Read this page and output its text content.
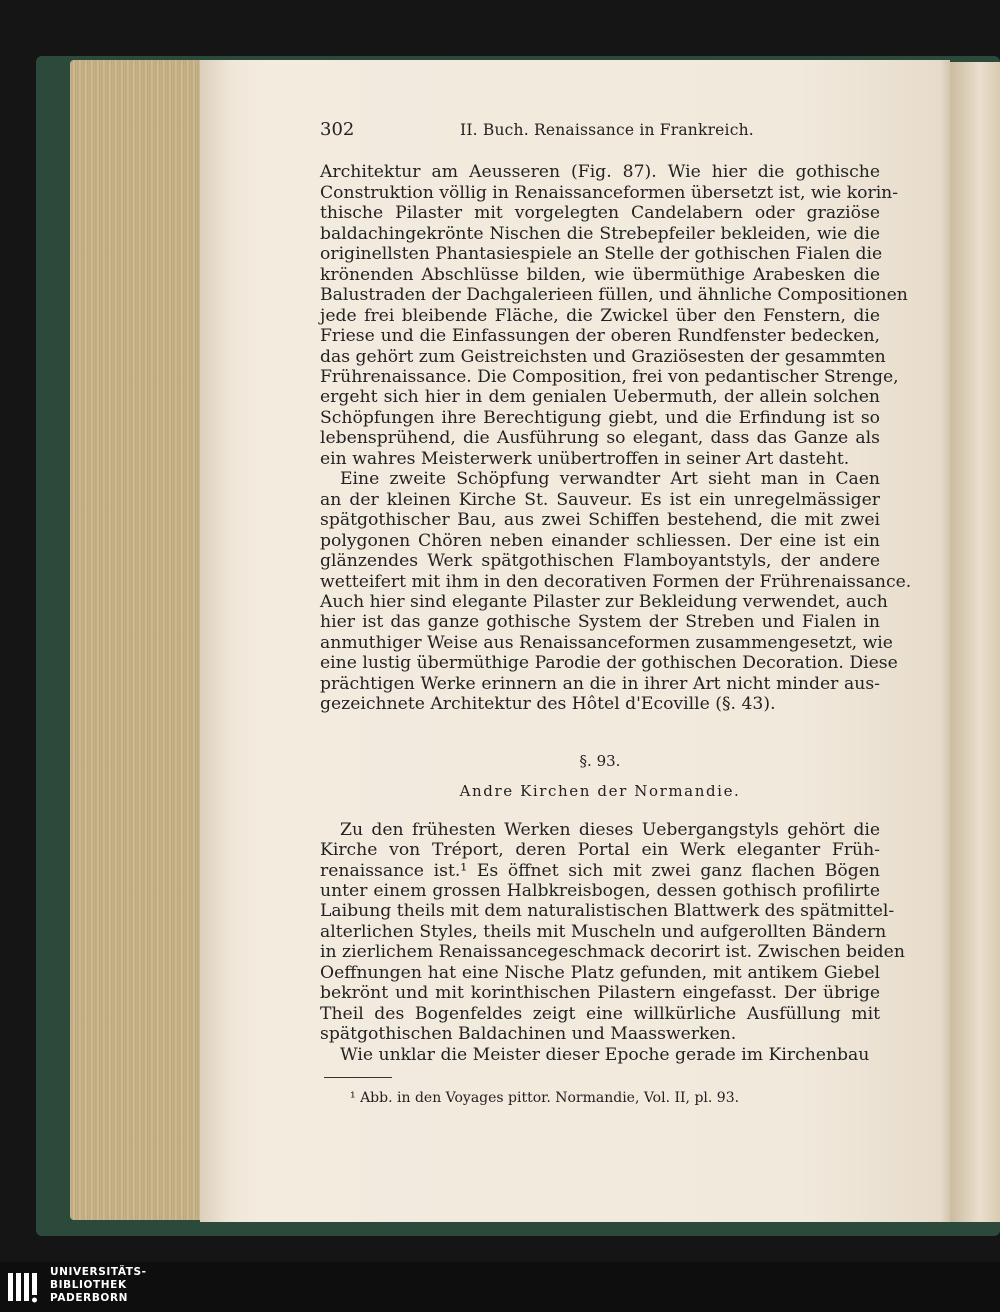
302	II. Buch. Renaissance in Frankreich.
Architektur am Aeusseren (Fig. 87). Wie hier die gothische
Construktion völlig in Renaissanceformen übersetzt ist, wie korin-
thische Pilaster mit vorgelegten Candelabern oder graziöse
baldachingekrönte Nischen die Strebepfeiler bekleiden, wie die
originellsten Phantasiespiele an Stelle der gothischen Fialen die
krönenden Abschlüsse bilden, wie übermüthige Arabesken die
Balustraden der Dachgalerieen füllen, und ähnliche Compositionen
jede frei bleibende Fläche, die Zwickel über den Fenstern, die
Friese und die Einfassungen der oberen Rundfenster bedecken,
das gehört zum Geistreichsten und Graziösesten der gesammten
Frührenaissance. Die Composition, frei von pedantischer Strenge,
ergeht sich hier in dem genialen Uebermuth, der allein solchen
Schöpfungen ihre Berechtigung giebt, und die Erfindung ist so
lebensprühend, die Ausführung so elegant, dass das Ganze als
ein wahres Meisterwerk unübertroffen in seiner Art dasteht.
Eine zweite Schöpfung verwandter Art sieht man in Caen
an der kleinen Kirche St. Sauveur. Es ist ein unregelmässiger
spätgothischer Bau, aus zwei Schiffen bestehend, die mit zwei
polygonen Chören neben einander schliessen. Der eine ist ein
glänzendes Werk spätgothischen Flamboyantstyls, der andere
wetteifert mit ihm in den decorativen Formen der Frührenaissance.
Auch hier sind elegante Pilaster zur Bekleidung verwendet, auch
hier ist das ganze gothische System der Streben und Fialen in
anmuthiger Weise aus Renaissanceformen zusammengesetzt, wie
eine lustig übermüthige Parodie der gothischen Decoration. Diese
prächtigen Werke erinnern an die in ihrer Art nicht minder aus-
gezeichnete Architektur des Hôtel d'Ecoville (§. 43).
§. 93.
Andre Kirchen der Normandie.
Zu den frühesten Werken dieses Uebergangstyls gehört die
Kirche von Tréport, deren Portal ein Werk eleganter Früh-
renaissance ist.¹ Es öffnet sich mit zwei ganz flachen Bögen
unter einem grossen Halbkreisbogen, dessen gothisch profilirte
Laibung theils mit dem naturalistischen Blattwerk des spätmittel-
alterlichen Styles, theils mit Muscheln und aufgerollten Bändern
in zierlichem Renaissancegeschmack decorirt ist. Zwischen beiden
Oeffnungen hat eine Nische Platz gefunden, mit antikem Giebel
bekrönt und mit korinthischen Pilastern eingefasst. Der übrige
Theil des Bogenfeldes zeigt eine willkürliche Ausfüllung mit
spätgothischen Baldachinen und Maasswerken.
Wie unklar die Meister dieser Epoche gerade im Kirchenbau
¹ Abb. in den Voyages pittor. Normandie, Vol. II, pl. 93.
UNIVERSITÄTS-
BIBLIOTHEK
PADERBORN
